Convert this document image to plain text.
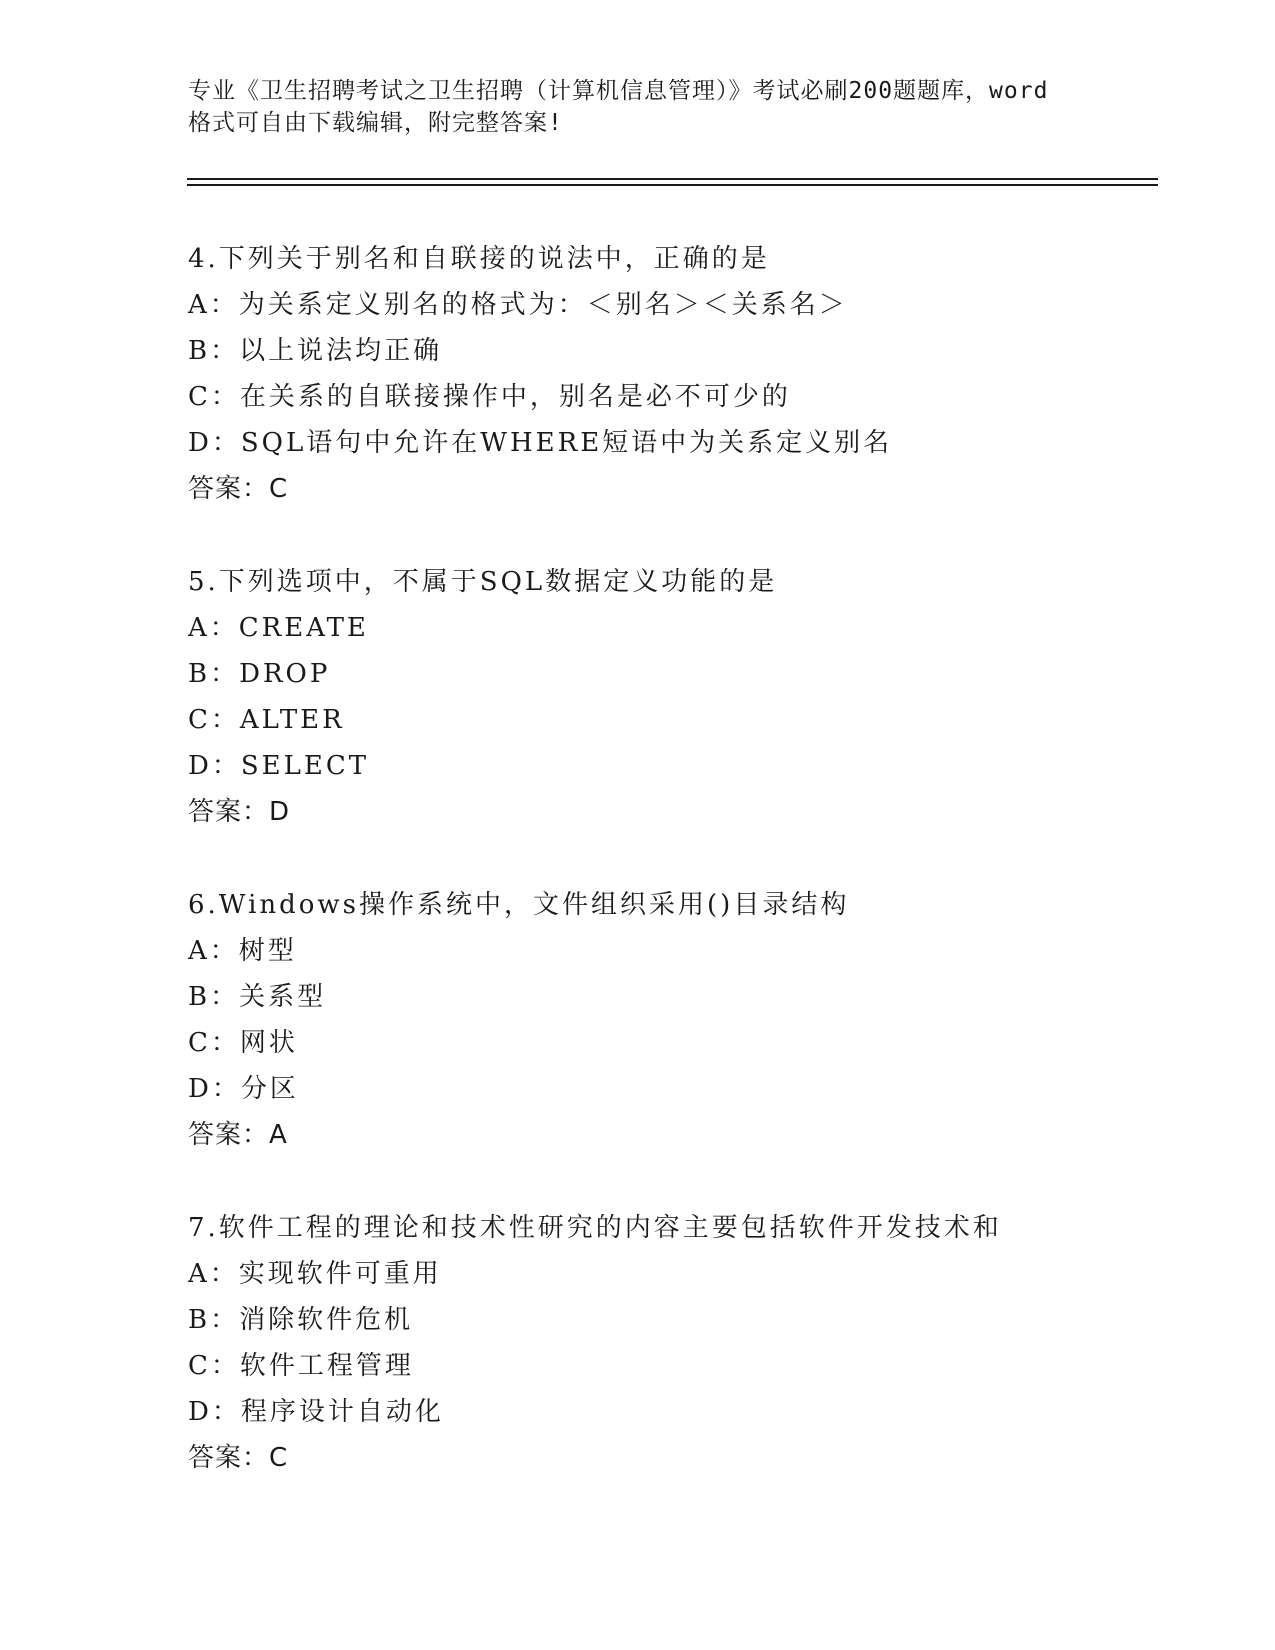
专业《卫生招聘考试之卫生招聘（计算机信息管理）》考试必刷200题题库，word
格式可自由下载编辑，附完整答案!
4.下列关于别名和自联接的说法中，正确的是
A：为关系定义别名的格式为：＜别名＞＜关系名＞
B：以上说法均正确
C：在关系的自联接操作中，别名是必不可少的
D：SQL语句中允许在WHERE短语中为关系定义别名
答案：C
5.下列选项中，不属于SQL数据定义功能的是
A：CREATE
B：DROP
C：ALTER
D：SELECT
答案：D
6.Windows操作系统中，文件组织采用()目录结构
A：树型
B：关系型
C：网状
D：分区
答案：A
7.软件工程的理论和技术性研究的内容主要包括软件开发技术和
A：实现软件可重用
B：消除软件危机
C：软件工程管理
D：程序设计自动化
答案：C
